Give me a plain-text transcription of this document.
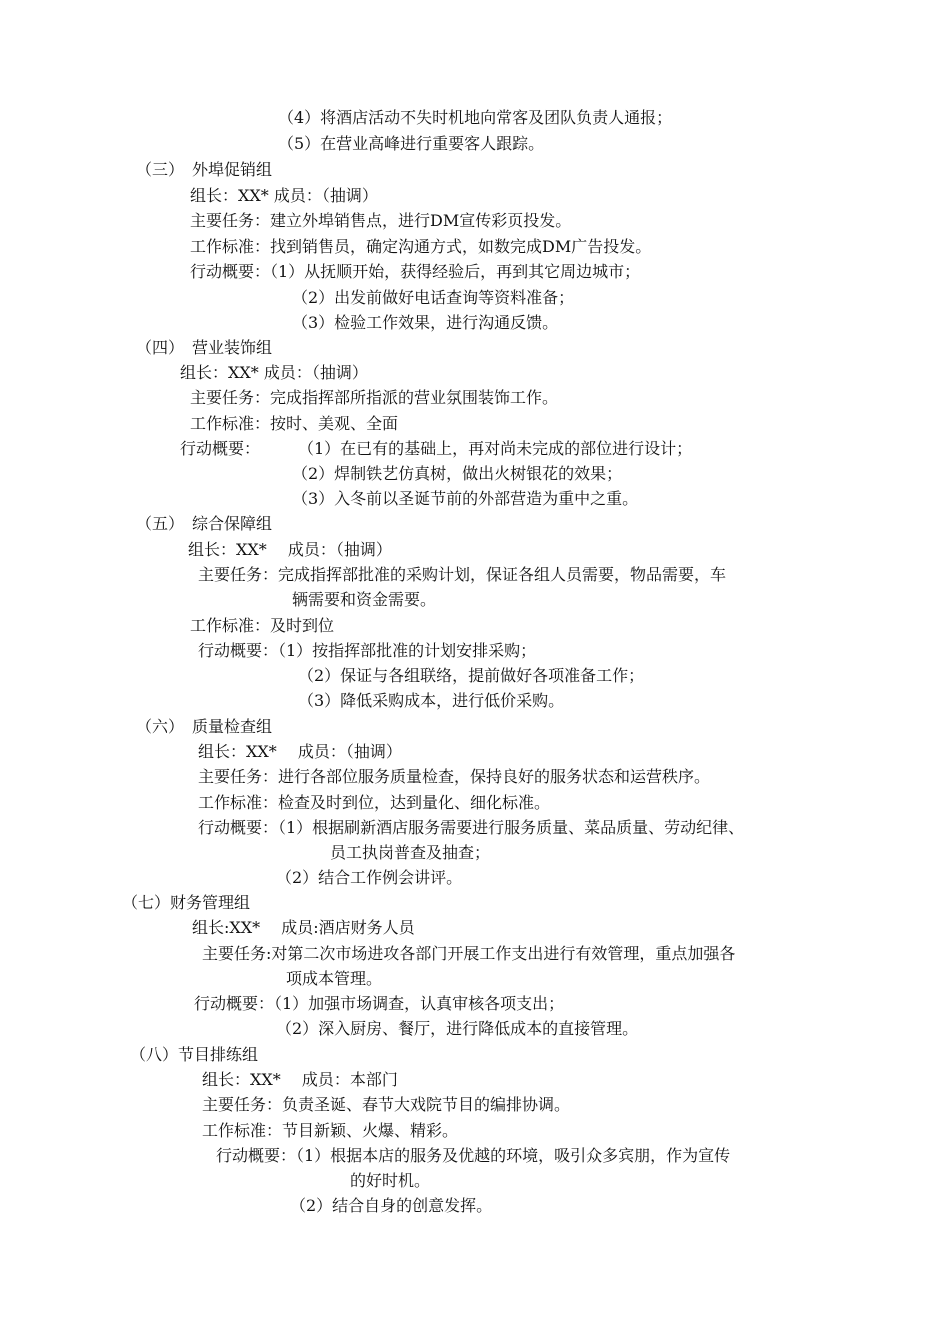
（4）将酒店活动不失时机地向常客及团队负责人通报；
（5）在营业高峰进行重要客人跟踪。
（三）　外埠促销组
组长：XX* 成员：（抽调）
主要任务：建立外埠销售点，进行DM宣传彩页投发。
工作标准：找到销售员，确定沟通方式，如数完成DM广告投发。
行动概要：（1）从抚顺开始，获得经验后，再到其它周边城市；
（2）出发前做好电话查询等资料准备；
（3）检验工作效果，进行沟通反馈。
（四）　营业装饰组
组长：XX* 成员：（抽调）
主要任务：完成指挥部所指派的营业氛围装饰工作。
工作标准：按时、美观、全面
行动概要： （1）在已有的基础上，再对尚未完成的部位进行设计；
（2）焊制铁艺仿真树，做出火树银花的效果；
（3）入冬前以圣诞节前的外部营造为重中之重。
（五）　综合保障组
组长：XX*　 成员：（抽调）
主要任务：完成指挥部批准的采购计划，保证各组人员需要，物品需要，车
辆需要和资金需要。
工作标准：及时到位
行动概要：（1）按指挥部批准的计划安排采购；
（2）保证与各组联络，提前做好各项准备工作；
（3）降低采购成本，进行低价采购。
（六）　质量检查组
组长：XX*　 成员：（抽调）
主要任务：进行各部位服务质量检查，保持良好的服务状态和运营秩序。
工作标准：检查及时到位，达到量化、细化标准。
行动概要：（1）根据刷新酒店服务需要进行服务质量、菜品质量、劳动纪律、
员工执岗普查及抽查；
（2）结合工作例会讲评。
（七）财务管理组
组长:XX*　 成员:酒店财务人员
主要任务:对第二次市场进攻各部门开展工作支出进行有效管理，重点加强各
项成本管理。
行动概要：（1）加强市场调查，认真审核各项支出；
（2）深入厨房、餐厅，进行降低成本的直接管理。
（八）节目排练组
组长：XX*　 成员：本部门
主要任务：负责圣诞、春节大戏院节目的编排协调。
工作标准：节目新颖、火爆、精彩。
行动概要：（1）根据本店的服务及优越的环境，吸引众多宾朋，作为宣传
的好时机。
（2）结合自身的创意发挥。
